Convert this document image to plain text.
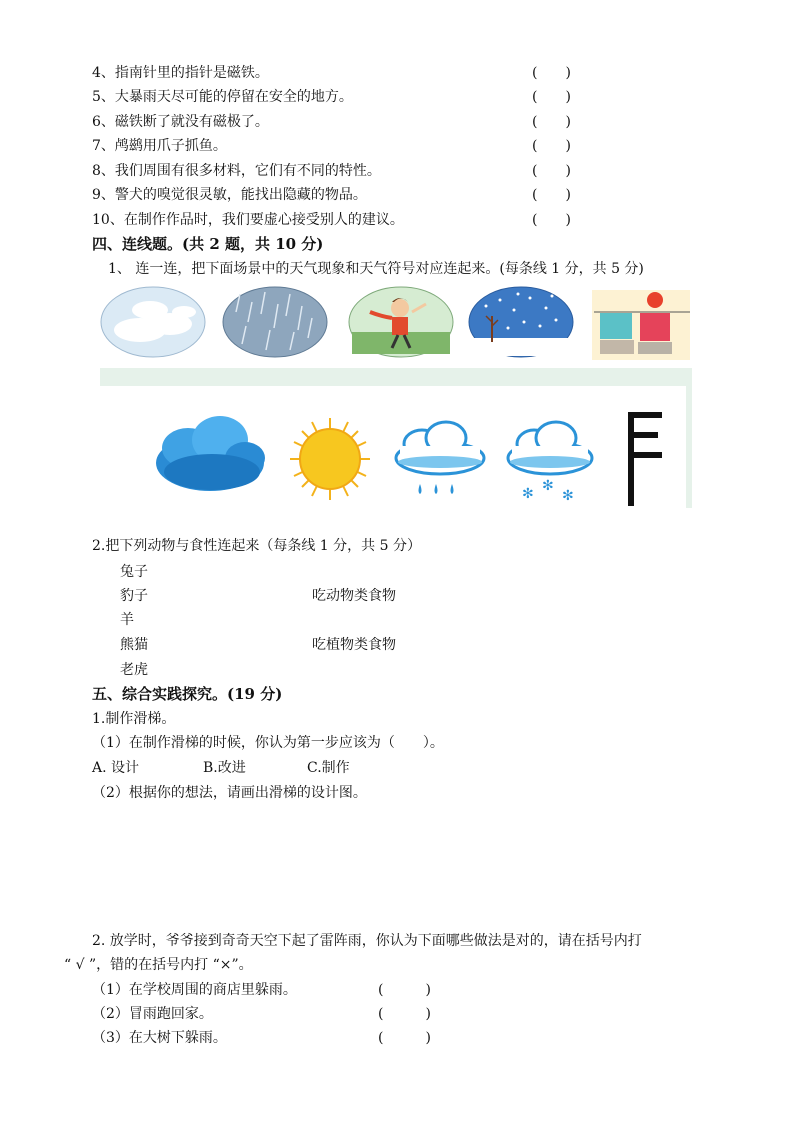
4、指南针里的指针是磁铁。	(　　)
5、大暴雨天尽可能的停留在安全的地方。	(　　)
6、磁铁断了就没有磁极了。	(　　)
7、鸬鹚用爪子抓鱼。	(　　)
8、我们周围有很多材料，它们有不同的特性。	(　　)
9、警犬的嗅觉很灵敏，能找出隐藏的物品。	(　　)
10、在制作作品时，我们要虚心接受别人的建议。	(　　)
四、连线题。(共 2 题，共 10 分)
1、 连一连，把下面场景中的天气现象和天气符号对应连起来。(每条线 1 分，共 5 分)
✻ ✻
✻
2.把下列动物与食性连起来（每条线 1 分，共 5 分）
兔子
豹子
羊
熊猫
老虎
吃动物类食物
吃植物类食物
五、综合实践探究。(19 分)
1.制作滑梯。
（1）在制作滑梯的时候，你认为第一步应该为（　　）。
A. 设计	B.改进	C.制作
（2）根据你的想法，请画出滑梯的设计图。
2. 放学时，爷爷接到奇奇天空下起了雷阵雨，你认为下面哪些做法是对的，请在括号内打
“ √ ”，错的在括号内打 “×”。
（1）在学校周围的商店里躲雨。	(　　　)
（2）冒雨跑回家。	(　　　)
（3）在大树下躲雨。	(　　　)
